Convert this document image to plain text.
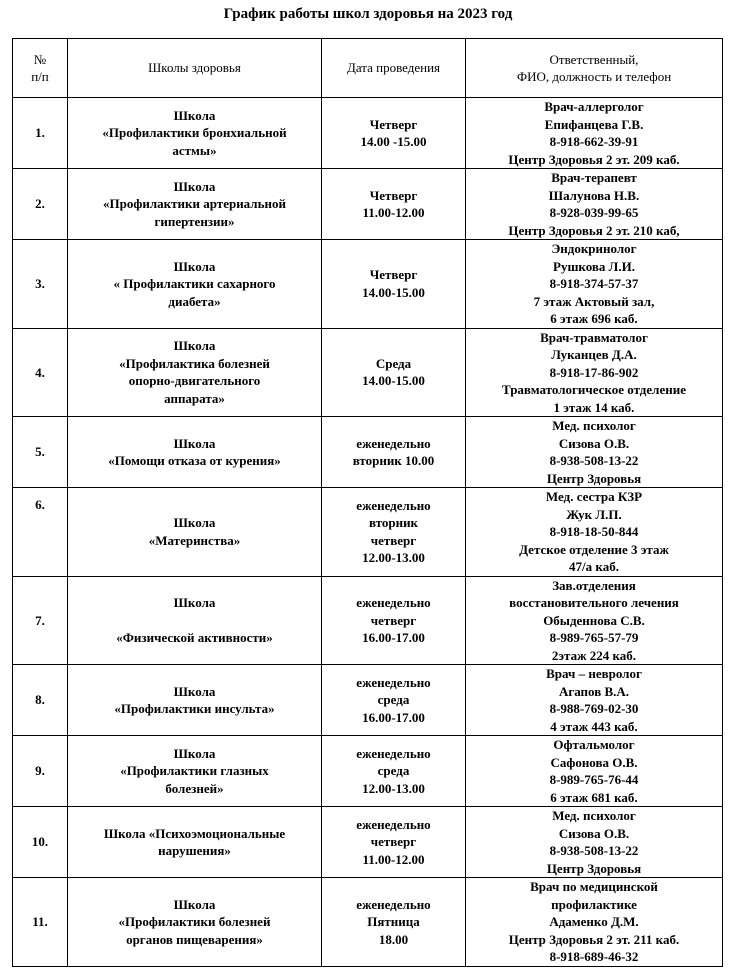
График работы школ здоровья на 2023 год
№
п/п	Школы здоровья	Дата проведения	Ответственный,
ФИО, должность и телефон

1.	Школа
«Профилактики бронхиальной
астмы»	Четверг
14.00 -15.00	Врач-аллерголог
Епифанцева Г.В.
8-918-662-39-91
Центр Здоровья 2 эт. 209 каб.

2.	Школа
«Профилактики артериальной
гипертензии»	Четверг
11.00-12.00	Врач-терапевт
Шалунова Н.В.
8-928-039-99-65
Центр Здоровья 2 эт. 210 каб,

3.	Школа
« Профилактики сахарного
диабета»	Четверг
14.00-15.00	Эндокринолог
Рушкова Л.И.
8-918-374-57-37
7 этаж Актовый зал,
6 этаж 696 каб.

4.	Школа
«Профилактика болезней
опорно-двигательного
аппарата»	Среда
14.00-15.00	Врач-травматолог
Луканцев Д.А.
8-918-17-86-902
Травматологическое отделение
1 этаж 14 каб.

5.	Школа
«Помощи отказа от курения»	еженедельно
вторник 10.00	Мед. психолог
Сизова О.В.
8-938-508-13-22
Центр Здоровья

6.	Школа
«Материнства»	еженедельно
вторник
четверг
12.00-13.00	Мед. сестра КЗР
Жук Л.П.
8-918-18-50-844
Детское отделение 3 этаж
47/а каб.

7.	Школа
«Физической активности»	еженедельно
четверг
16.00-17.00	Зав.отделения
восстановительного лечения
Обыденнова С.В.
8-989-765-57-79
2этаж 224 каб.

8.	Школа
«Профилактики инсульта»	еженедельно
среда
16.00-17.00	Врач – невролог
Агапов В.А.
8-988-769-02-30
4 этаж 443 каб.

9.	Школа
«Профилактики глазных
болезней»	еженедельно
среда
12.00-13.00	Офтальмолог
Сафонова О.В.
8-989-765-76-44
6 этаж 681 каб.

10.	Школа «Психоэмоциональные
нарушения»	еженедельно
четверг
11.00-12.00	Мед. психолог
Сизова О.В.
8-938-508-13-22
Центр Здоровья

11.	Школа
«Профилактики болезней
органов пищеварения»	еженедельно
Пятница
18.00	Врач по медицинской
профилактике
Адаменко Д.М.
Центр Здоровья 2 эт. 211 каб.
8-918-689-46-32
